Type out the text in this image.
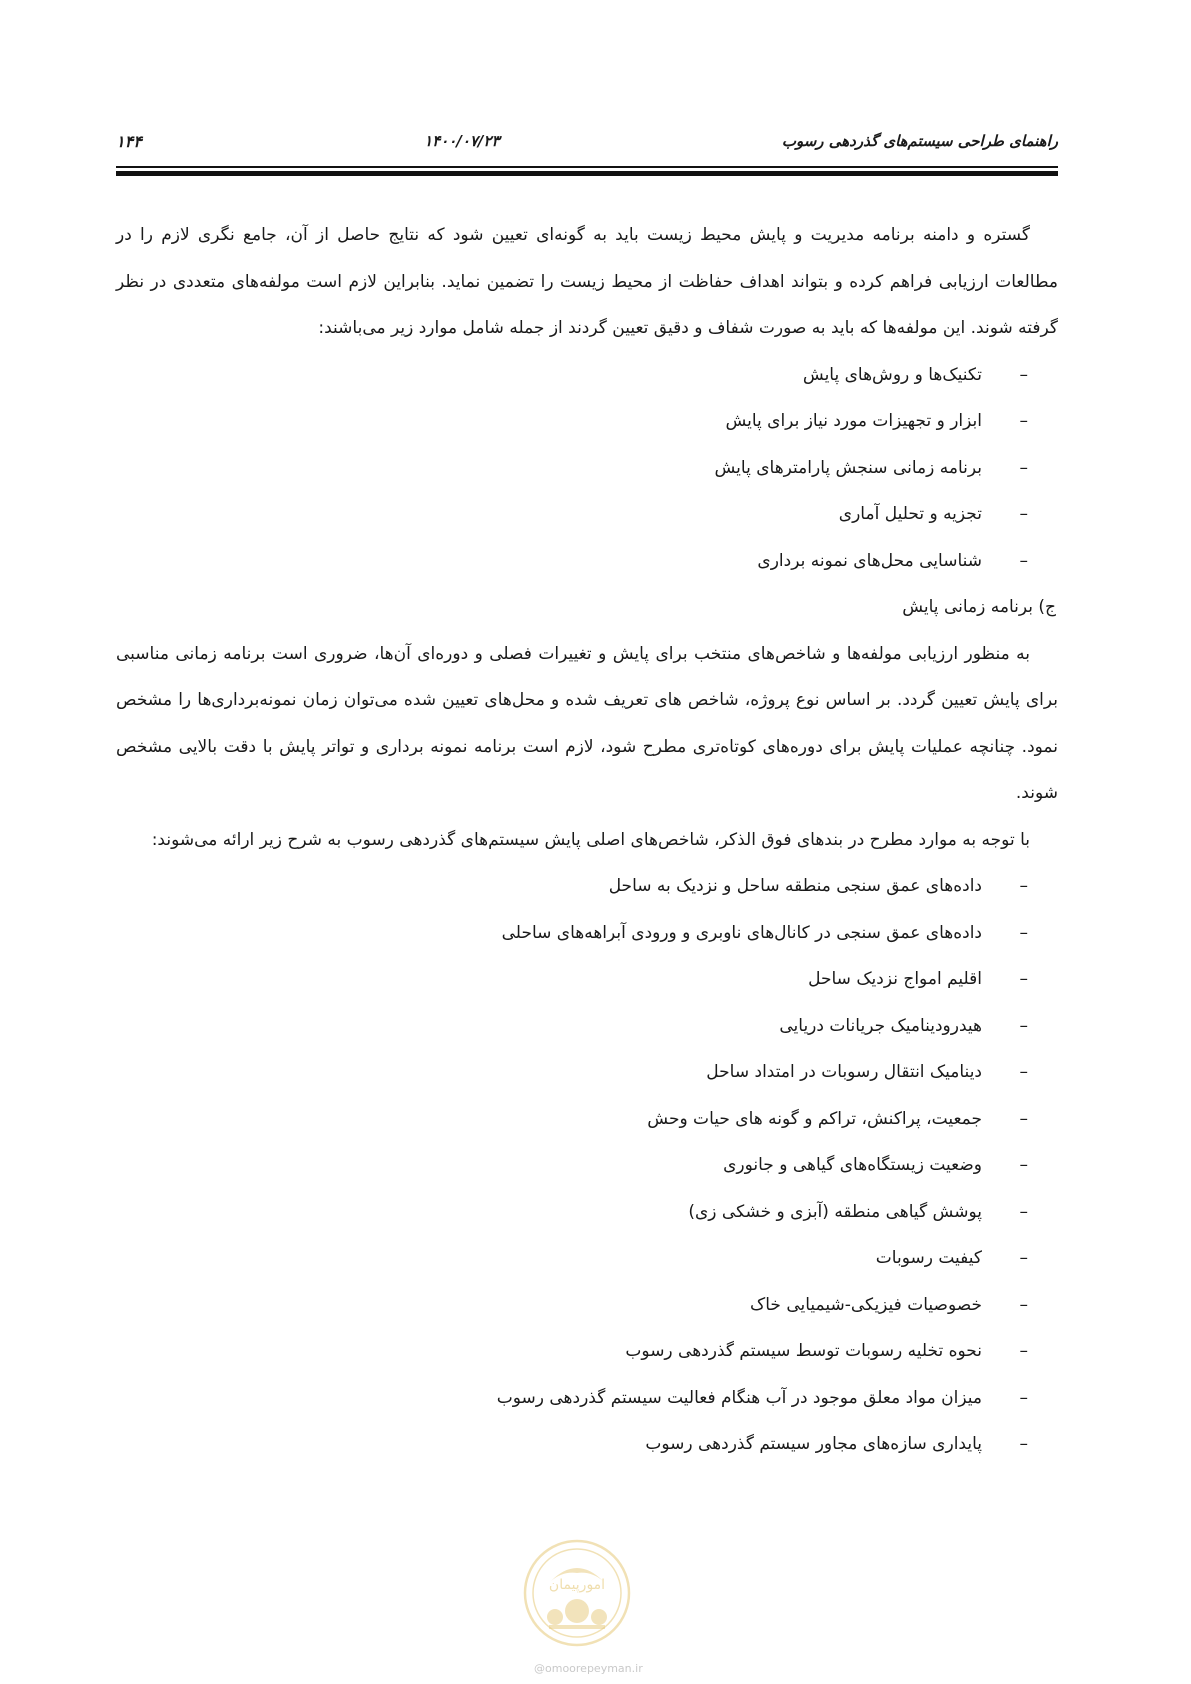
۱۴۴	۱۴۰۰/۰۷/۲۳	راهنمای طراحی سیستم‌های گذردهی رسوب

گستره و دامنه برنامه مدیریت و پایش محیط زیست باید به گونه‌ای تعیین شود که نتایج حاصل از آن، جامع نگری لازم را در مطالعات ارزیابی فراهم کرده و بتواند اهداف حفاظت از محیط زیست را تضمین نماید. بنابراین لازم است مولفه‌های متعددی در نظر گرفته شوند. این مولفه‌ها که باید به صورت شفاف و دقیق تعیین گردند از جمله شامل موارد زیر می‌باشند:

–
تکنیک‌ها و روش‌های پایش
–
ابزار و تجهیزات مورد نیاز برای پایش
–
برنامه زمانی سنجش پارامترهای پایش
–
تجزیه و تحلیل آماری
–
شناسایی محل‌های نمونه برداری

ج) برنامه زمانی پایش

به منظور ارزیابی مولفه‌ها و شاخص‌های منتخب برای پایش و تغییرات فصلی و دوره‌ای آن‌ها، ضروری است برنامه زمانی مناسبی برای پایش تعیین گردد. بر اساس نوع پروژه، شاخص های تعریف شده و محل‌های تعیین شده می‌توان زمان نمونه‌برداری‌ها را مشخص نمود. چنانچه عملیات پایش برای دوره‌های کوتاه‌تری مطرح شود، لازم است برنامه نمونه برداری و تواتر پایش با دقت بالایی مشخص شوند.

با توجه به موارد مطرح در بندهای فوق الذکر، شاخص‌های اصلی پایش سیستم‌های گذردهی رسوب به شرح زیر ارائه می‌شوند:

–
داده‌های عمق سنجی منطقه ساحل و نزدیک به ساحل
–
داده‌های عمق سنجی در کانال‌های ناوبری و ورودی آبراهه‌های ساحلی
–
اقلیم امواج نزدیک ساحل
–
هیدرودینامیک جریانات دریایی
–
دینامیک انتقال رسوبات در امتداد ساحل
–
جمعیت، پراکنش، تراکم و گونه های حیات وحش
–
وضعیت زیستگاه‌های گیاهی و جانوری
–
پوشش گیاهی منطقه (آبزی و خشکی زی)
–
کیفیت رسوبات
–
خصوصیات فیزیکی-شیمیایی خاک
–
نحوه تخلیه رسوبات توسط سیستم گذردهی رسوب
–
میزان مواد معلق موجود در آب هنگام فعالیت سیستم گذردهی رسوب
–
پایداری سازه‌های مجاور سیستم گذردهی رسوب
امورپیمان
@omoorepeyman.ir
